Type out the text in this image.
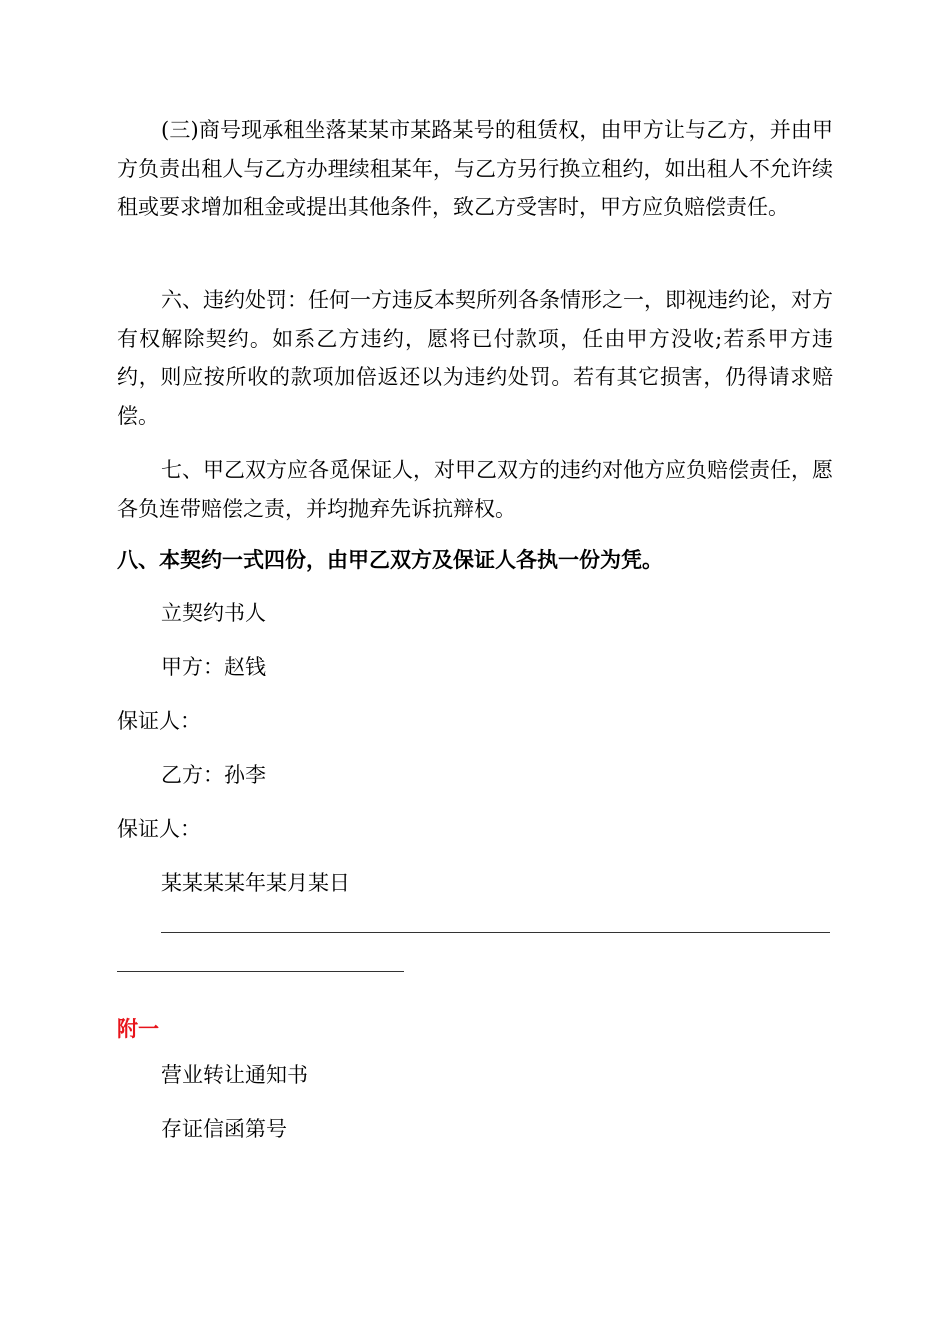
(三)商号现承租坐落某某市某路某号的租赁权，由甲方让与乙方，并由甲方负责出租人与乙方办理续租某年，与乙方另行换立租约，如出租人不允许续租或要求增加租金或提出其他条件，致乙方受害时，甲方应负赔偿责任。

六、违约处罚：任何一方违反本契所列各条情形之一，即视违约论，对方有权解除契约。如系乙方违约，愿将已付款项，任由甲方没收;若系甲方违约，则应按所收的款项加倍返还以为违约处罚。若有其它损害，仍得请求赔偿。

七、甲乙双方应各觅保证人，对甲乙双方的违约对他方应负赔偿责任，愿各负连带赔偿之责，并均抛弃先诉抗辩权。

八、本契约一式四份，由甲乙双方及保证人各执一份为凭。

立契约书人

甲方：赵钱

保证人：

乙方：孙李

保证人：

某某某某年某月某日

附一

营业转让通知书

存证信函第号
